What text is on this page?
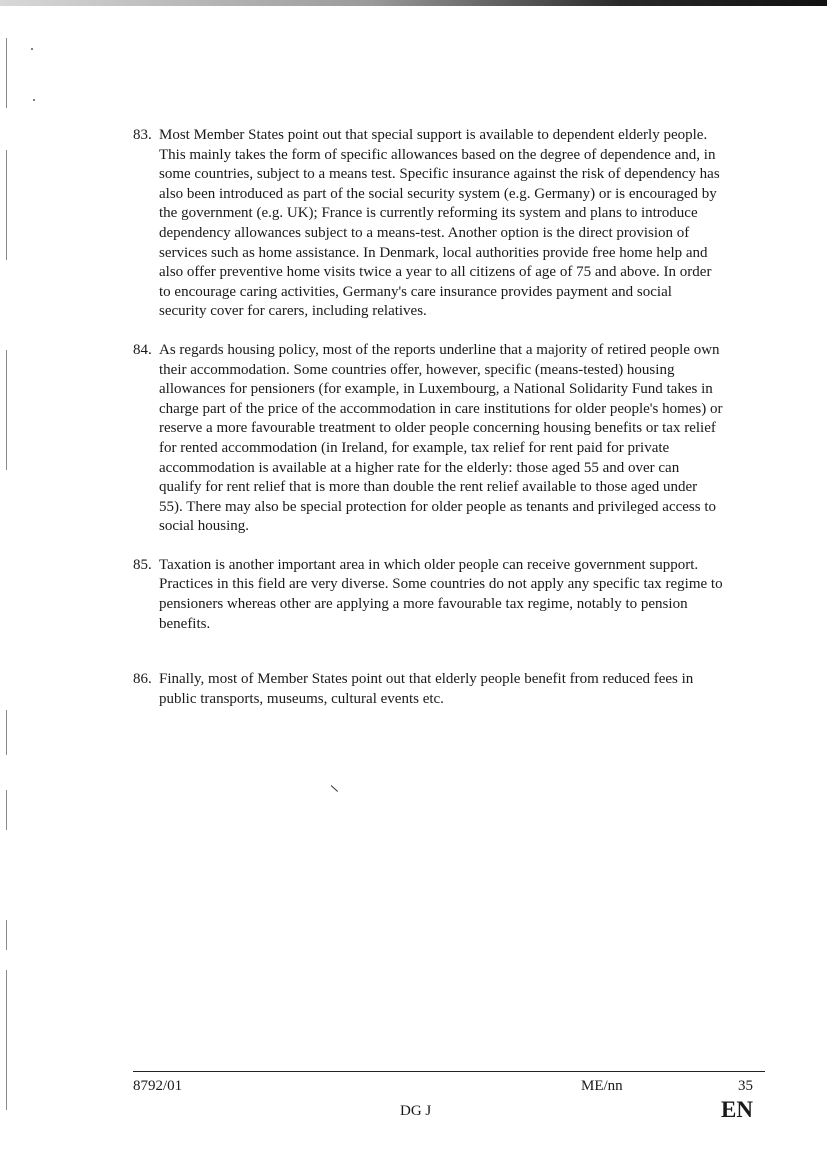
83. Most Member States point out that special support is available to dependent elderly people. This mainly takes the form of specific allowances based on the degree of dependence and, in some countries, subject to a means test. Specific insurance against the risk of dependency has also been introduced as part of the social security system (e.g. Germany) or is encouraged by the government (e.g. UK); France is currently reforming its system and plans to introduce dependency allowances subject to a means-test. Another option is the direct provision of services such as home assistance. In Denmark, local authorities provide free home help and also offer preventive home visits twice a year to all citizens of age of 75 and above. In order to encourage caring activities, Germany's care insurance provides payment and social security cover for carers, including relatives.
84. As regards housing policy, most of the reports underline that a majority of retired people own their accommodation. Some countries offer, however, specific (means-tested) housing allowances for pensioners (for example, in Luxembourg, a National Solidarity Fund takes in charge part of the price of the accommodation in care institutions for older people's homes) or reserve a more favourable treatment to older people concerning housing benefits or tax relief for rented accommodation (in Ireland, for example, tax relief for rent paid for private accommodation is available at a higher rate for the elderly: those aged 55 and over can qualify for rent relief that is more than double the rent relief available to those aged under 55). There may also be special protection for older people as tenants and privileged access to social housing.
85. Taxation is another important area in which older people can receive government support. Practices in this field are very diverse. Some countries do not apply any specific tax regime to pensioners whereas other are applying a more favourable tax regime, notably to pension benefits.
86. Finally, most of Member States point out that elderly people benefit from reduced fees in public transports, museums, cultural events etc.
8792/01	ME/nn	35
DG J	EN
